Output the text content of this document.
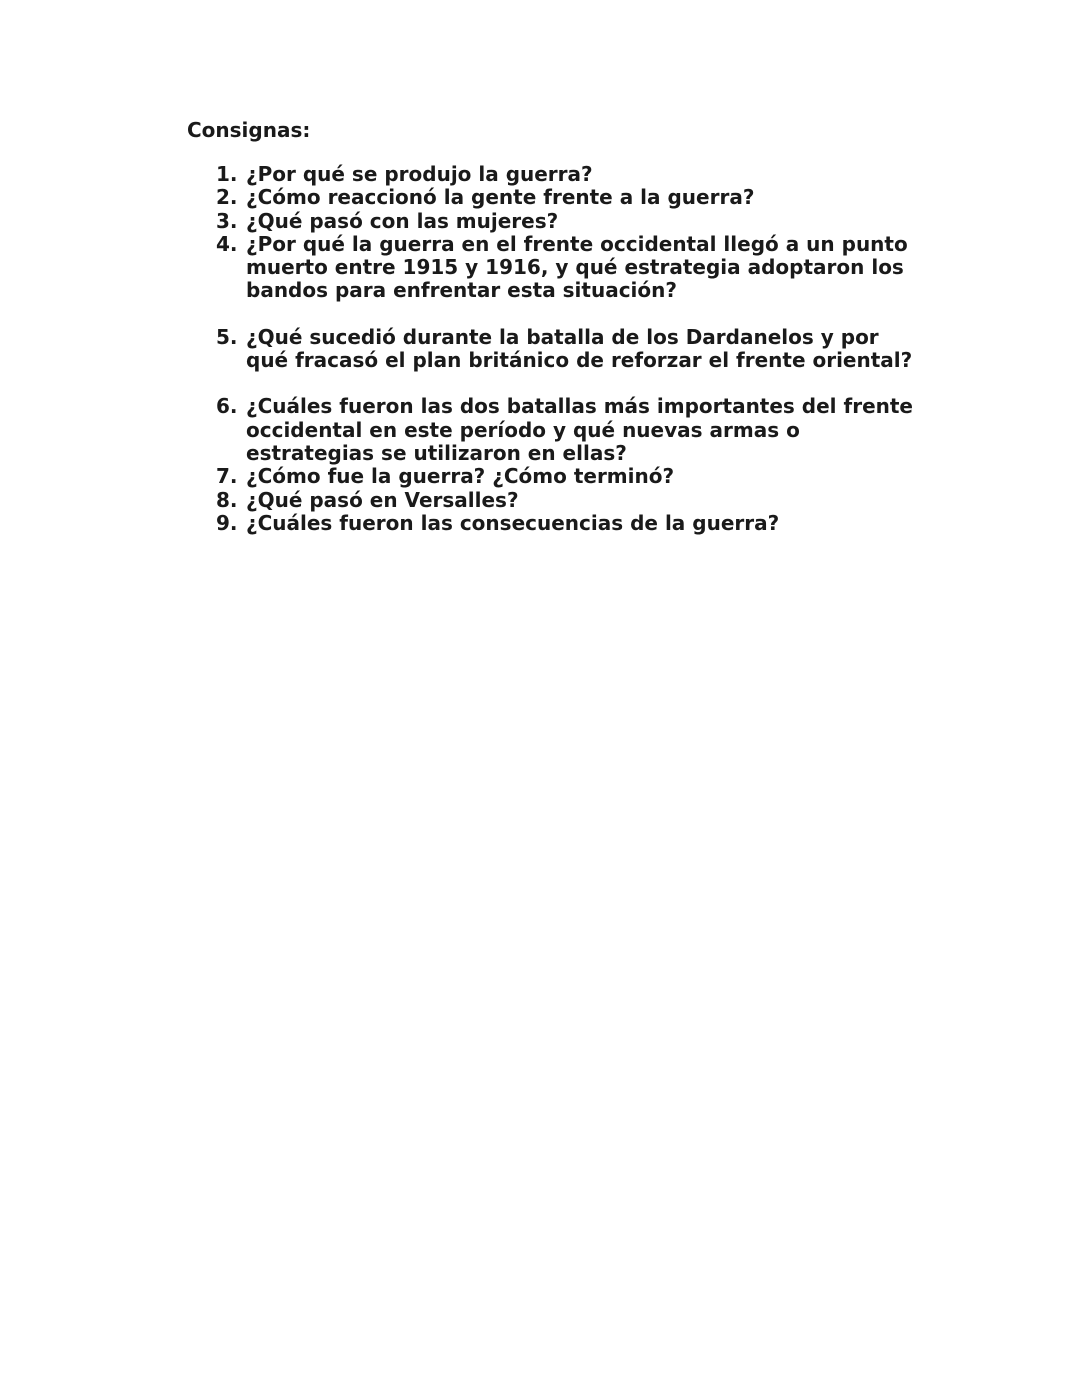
Consignas:
1. ¿Por qué se produjo la guerra?
2. ¿Cómo reaccionó la gente frente a la guerra?
3. ¿Qué pasó con las mujeres?
4. ¿Por qué la guerra en el frente occidental llegó a un punto muerto entre 1915 y 1916, y qué estrategia adoptaron los bandos para enfrentar esta situación?
5. ¿Qué sucedió durante la batalla de los Dardanelos y por qué fracasó el plan británico de reforzar el frente oriental?
6. ¿Cuáles fueron las dos batallas más importantes del frente occidental en este período y qué nuevas armas o estrategias se utilizaron en ellas?
7. ¿Cómo fue la guerra? ¿Cómo terminó?
8. ¿Qué pasó en Versalles?
9. ¿Cuáles fueron las consecuencias de la guerra?
